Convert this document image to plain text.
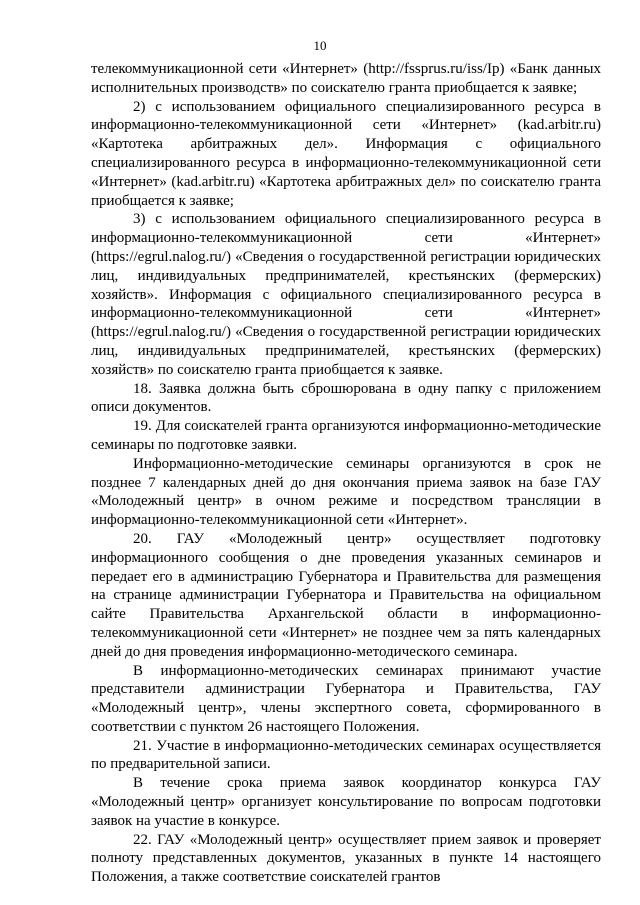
10

телекоммуникационной сети «Интернет» (http://fssprus.ru/iss/Ip) «Банк данных исполнительных производств» по соискателю гранта приобщается к заявке;

2) с использованием официального специализированного ресурса в информационно-телекоммуникационной сети «Интернет» (kad.arbitr.ru) «Картотека арбитражных дел». Информация с официального специализированного ресурса в информационно-телекоммуникационной сети «Интернет» (kad.arbitr.ru) «Картотека арбитражных дел» по соискателю гранта приобщается к заявке;

3) с использованием официального специализированного ресурса в информационно-телекоммуникационной сети «Интернет» (https://egrul.nalog.ru/) «Сведения о государственной регистрации юридических лиц, индивидуальных предпринимателей, крестьянских (фермерских) хозяйств». Информация с официального специализированного ресурса в информационно-телекоммуникационной сети «Интернет» (https://egrul.nalog.ru/) «Сведения о государственной регистрации юридических лиц, индивидуальных предпринимателей, крестьянских (фермерских) хозяйств» по соискателю гранта приобщается к заявке.

18. Заявка должна быть сброшюрована в одну папку с приложением описи документов.

19. Для соискателей гранта организуются информационно-методические семинары по подготовке заявки.

Информационно-методические семинары организуются в срок не позднее 7 календарных дней до дня окончания приема заявок на базе ГАУ «Молодежный центр» в очном режиме и посредством трансляции в информационно-телекоммуникационной сети «Интернет».

20. ГАУ «Молодежный центр» осуществляет подготовку информационного сообщения о дне проведения указанных семинаров и передает его в администрацию Губернатора и Правительства для размещения на странице администрации Губернатора и Правительства на официальном сайте Правительства Архангельской области в информационно-телекоммуникационной сети «Интернет» не позднее чем за пять календарных дней до дня проведения информационно-методического семинара.

В информационно-методических семинарах принимают участие представители администрации Губернатора и Правительства, ГАУ «Молодежный центр», члены экспертного совета, сформированного в соответствии с пунктом 26 настоящего Положения.

21. Участие в информационно-методических семинарах осуществляется по предварительной записи.

В течение срока приема заявок координатор конкурса ГАУ «Молодежный центр» организует консультирование по вопросам подготовки заявок на участие в конкурсе.

22. ГАУ «Молодежный центр» осуществляет прием заявок и проверяет полноту представленных документов, указанных в пункте 14 настоящего Положения, а также соответствие соискателей грантов
